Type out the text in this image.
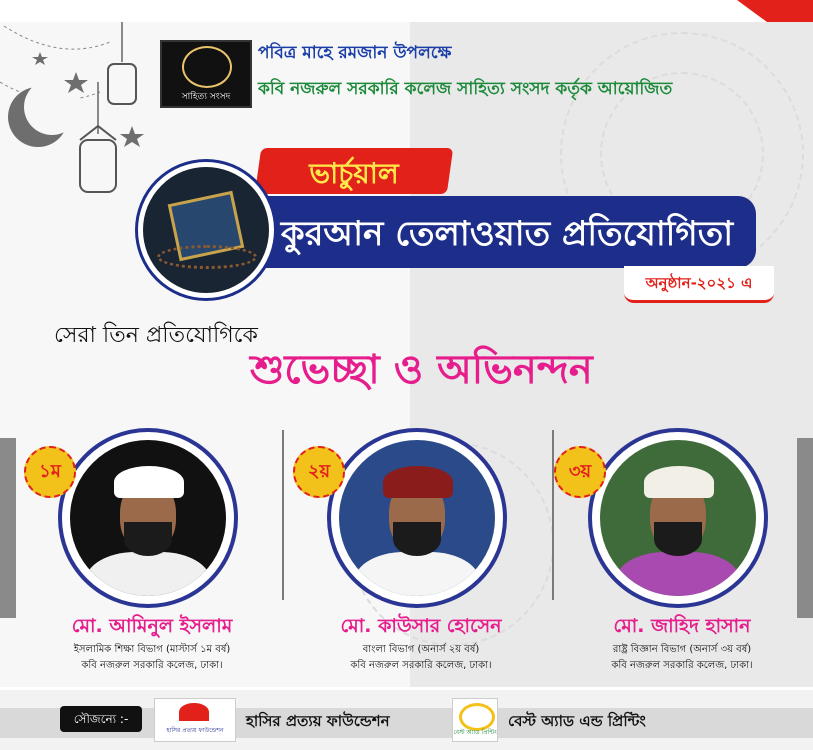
সাহিত্য সংসদ
পবিত্র মাহে রমজান উপলক্ষে
কবি নজরুল সরকারি কলেজ সাহিত্য সংসদ কর্তৃক আয়োজিত
ভার্চুয়াল
কুরআন তেলাওয়াত প্রতিযোগিতা
অনুষ্ঠান-২০২১ এ
সেরা তিন প্রতিযোগিকে
শুভেচ্ছা ও অভিনন্দন
১ম
মো. আমিনুল ইসলাম
ইসলামিক শিক্ষা বিভাগ (মাস্টার্স ১ম বর্ষ)
কবি নজরুল সরকারি কলেজ, ঢাকা।
২য়
মো. কাউসার হোসেন
বাংলা বিভাগ (অনার্স ২য় বর্ষ)
কবি নজরুল সরকারি কলেজ, ঢাকা।
৩য়
মো. জাহিদ হাসান
রাষ্ট্র বিজ্ঞান বিভাগ (অনার্স ৩য় বর্ষ)
কবি নজরুল সরকারি কলেজ, ঢাকা।
সৌজন্যে :-
হাসির প্রত্যয় ফাউন্ডেশন
হাসির প্রত্যয় ফাউন্ডেশন
বেস্ট অ্যাড প্রিন্টিং
বেস্ট অ্যাড এন্ড প্রিন্টিং
